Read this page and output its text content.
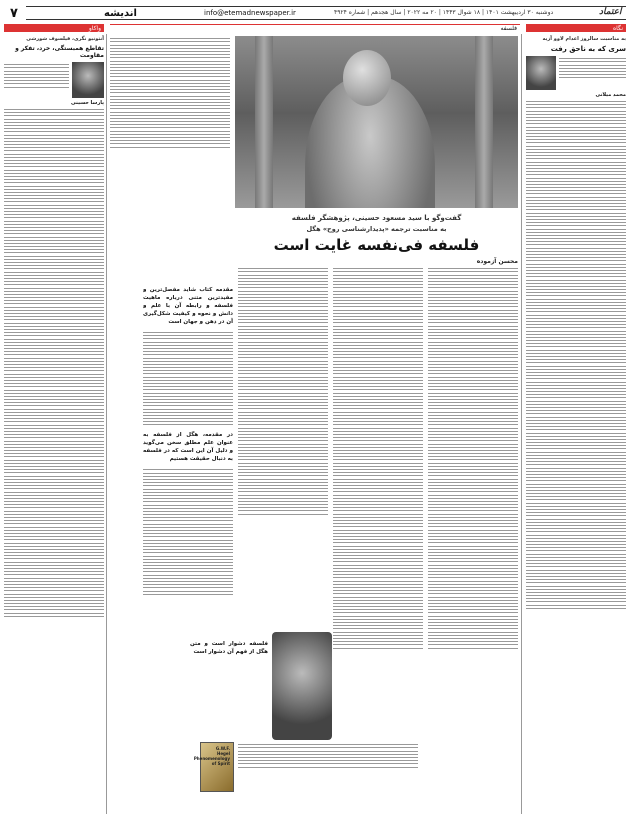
۷	اندیشه	info@etemadnewspaper.ir	دوشنبه ۳۰ اردیبهشت ۱۴۰۱ | ۱۸ شوال ۱۴۴۳ | ۲۰ مه ۲۰۲۲ | سال هجدهم | شماره ۴۹۲۴	اعتماد
نگاه
فلسفه
واکاو
به مناسبت سالروز اعدام لاوو آزیه
سری که به ناحق رفت
محمد میلانی
گفت‌وگو با سید مسعود حسینی، پژوهشگر فلسفه
به مناسبت ترجمه «پدیدارشناسی روح» هگل
فلسفه فی‌نفسه غایت است
محسن آزموده
مقدمه کتاب شاید مفصل‌ترین و مفیدترین متنی درباره ماهیت فلسفه و رابطه آن با علم و دانش و نحوه و کیفیت شکل‌گیری آن در ذهن و جهان است
در مقدمه، هگل از فلسفه به عنوان علم مطلق سخن می‌گوید و دلیل آن این است که در فلسفه به دنبال حقیقت هستیم
فلسفه دشوار است و متن هگل از فهم آن دشوار است
G.W.F. Hegel Phenomenology of Spirit
آنتونیو نگری، فیلسوف شورشی
تقاطع همبستگی، خرد، تفکر و مقاومت
پارسا حسینی
